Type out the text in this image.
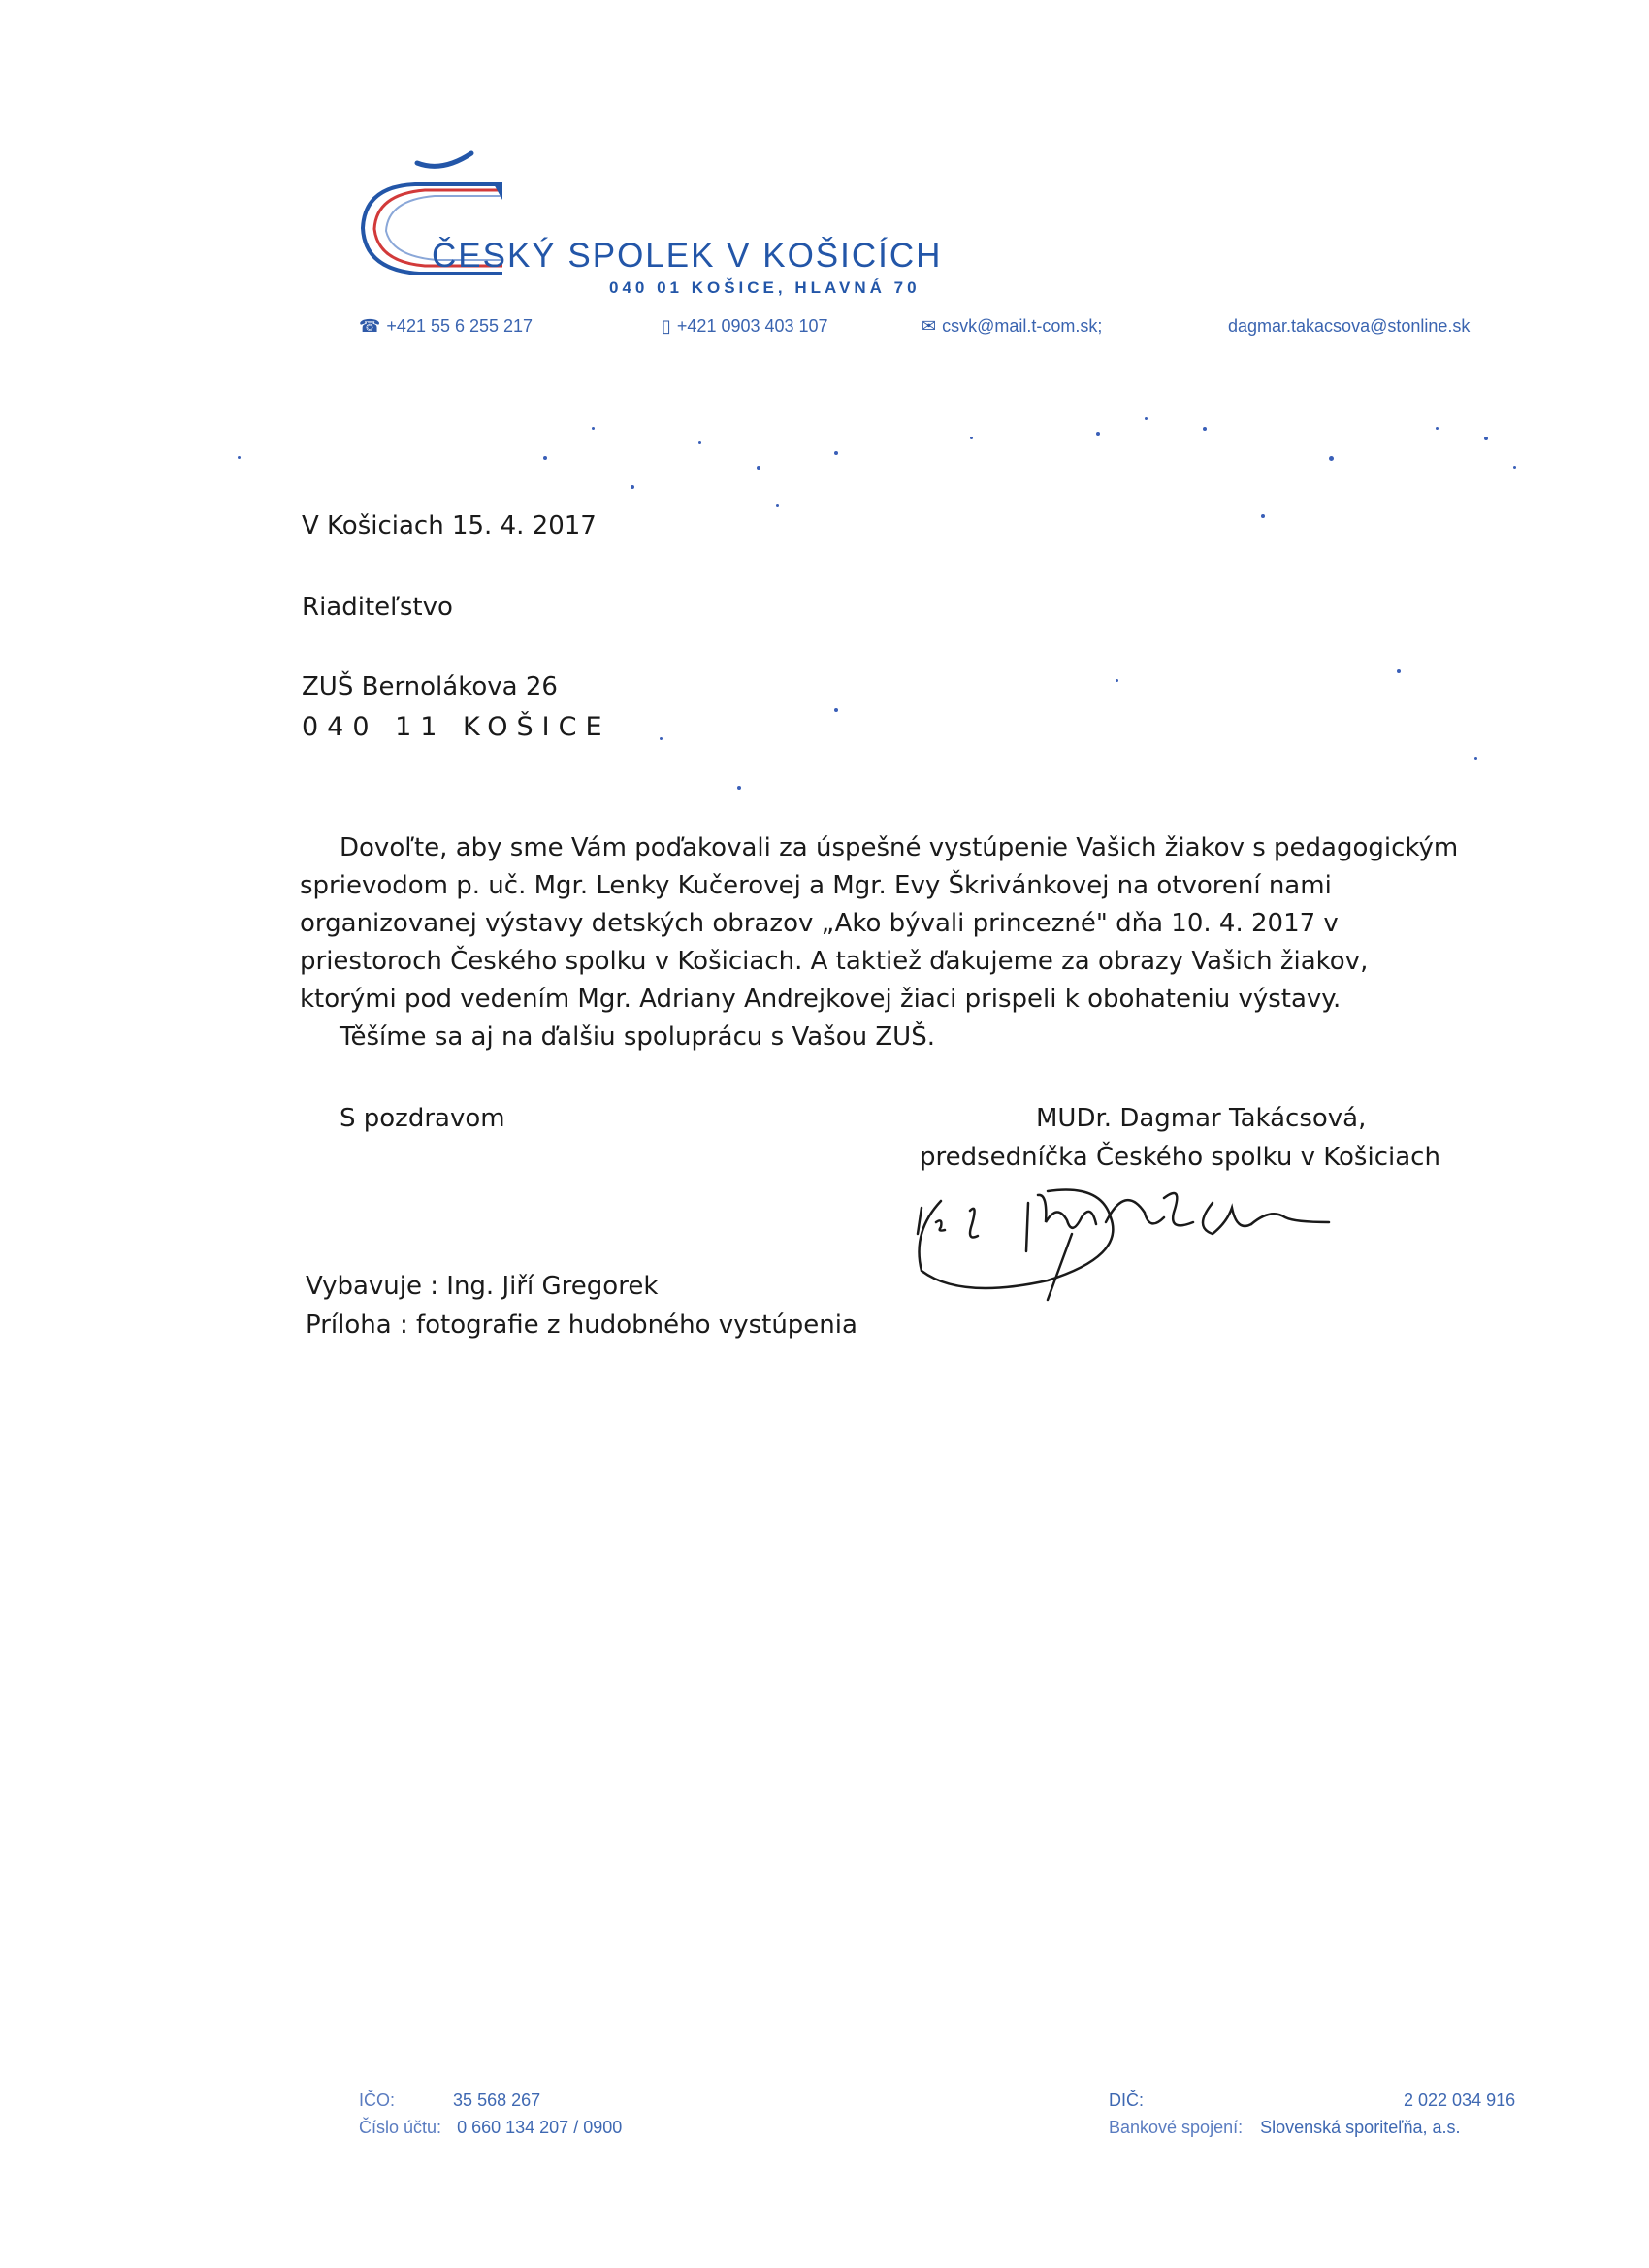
ČESKÝ SPOLEK V KOŠICÍCH
040 01 KOŠICE, HLAVNÁ 70
☎ +421 55 6 255 217	▯ +421 0903 403 107	✉ csvk@mail.t-com.sk;	dagmar.takacsova@stonline.sk
V Košiciach 15. 4. 2017
Riaditeľstvo
ZUŠ Bernolákova 26
040 11 KOŠICE
Dovoľte, aby sme Vám poďakovali za úspešné vystúpenie Vašich žiakov s pedagogickým
sprievodom p. uč. Mgr. Lenky Kučerovej a Mgr. Evy Škrivánkovej na otvorení nami
organizovanej výstavy detských obrazov „Ako bývali princezné" dňa 10. 4. 2017 v
priestoroch Českého spolku v Košiciach. A taktiež ďakujeme za obrazy Vašich žiakov,
ktorými pod vedením Mgr. Adriany Andrejkovej žiaci prispeli k obohateniu výstavy.
Těšíme sa aj na ďalšiu spoluprácu s Vašou ZUŠ.
S pozdravom	MUDr. Dagmar Takácsová,
predsedníčka Českého spolku v Košiciach
Vybavuje : Ing. Jiří Gregorek
Príloha : fotografie z hudobného vystúpenia
IČO:	35 568 267
Číslo účtu: 0 660 134 207 / 0900
DIČ:	2 022 034 916
Bankové spojení: Slovenská sporiteľňa, a.s.
